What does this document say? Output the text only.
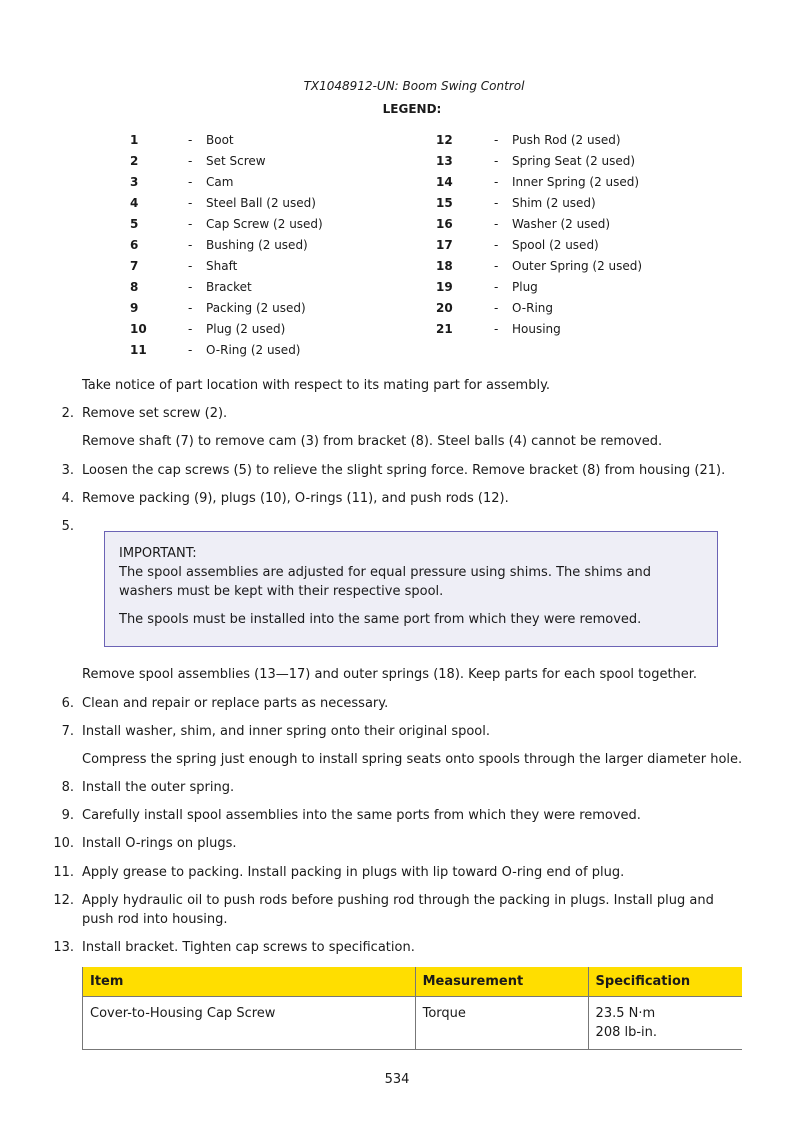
TX1048912-UN: Boom Swing Control
LEGEND:
1	- Boot
2	- Set Screw
3	- Cam
4	- Steel Ball (2 used)
5	- Cap Screw (2 used)
6	- Bushing (2 used)
7	- Shaft
8	- Bracket
9	- Packing (2 used)
10	- Plug (2 used)
11	- O-Ring (2 used)
12	- Push Rod (2 used)
13	- Spring Seat (2 used)
14	- Inner Spring (2 used)
15	- Shim (2 used)
16	- Washer (2 used)
17	- Spool (2 used)
18	- Outer Spring (2 used)
19	- Plug
20	- O-Ring
21	- Housing
Take notice of part location with respect to its mating part for assembly.
2. Remove set screw (2).
Remove shaft (7) to remove cam (3) from bracket (8). Steel balls (4) cannot be removed.
3. Loosen the cap screws (5) to relieve the slight spring force. Remove bracket (8) from housing (21).
4. Remove packing (9), plugs (10), O-rings (11), and push rods (12).
5.

IMPORTANT:

The spool assemblies are adjusted for equal pressure using shims. The shims and washers must be kept with their respective spool.

The spools must be installed into the same port from which they were removed.

Remove spool assemblies (13—17) and outer springs (18). Keep parts for each spool together.
6. Clean and repair or replace parts as necessary.
7. Install washer, shim, and inner spring onto their original spool.
Compress the spring just enough to install spring seats onto spools through the larger diameter hole.
8. Install the outer spring.
9. Carefully install spool assemblies into the same ports from which they were removed.
10. Install O-rings on plugs.
11. Apply grease to packing. Install packing in plugs with lip toward O-ring end of plug.
12. Apply hydraulic oil to push rods before pushing rod through the packing in plugs. Install plug and push rod into housing.
13. Install bracket. Tighten cap screws to specification.
Item	Measurement	Specification
Cover-to-Housing Cap Screw	Torque	23.5 N·m
208 lb-in.
534
